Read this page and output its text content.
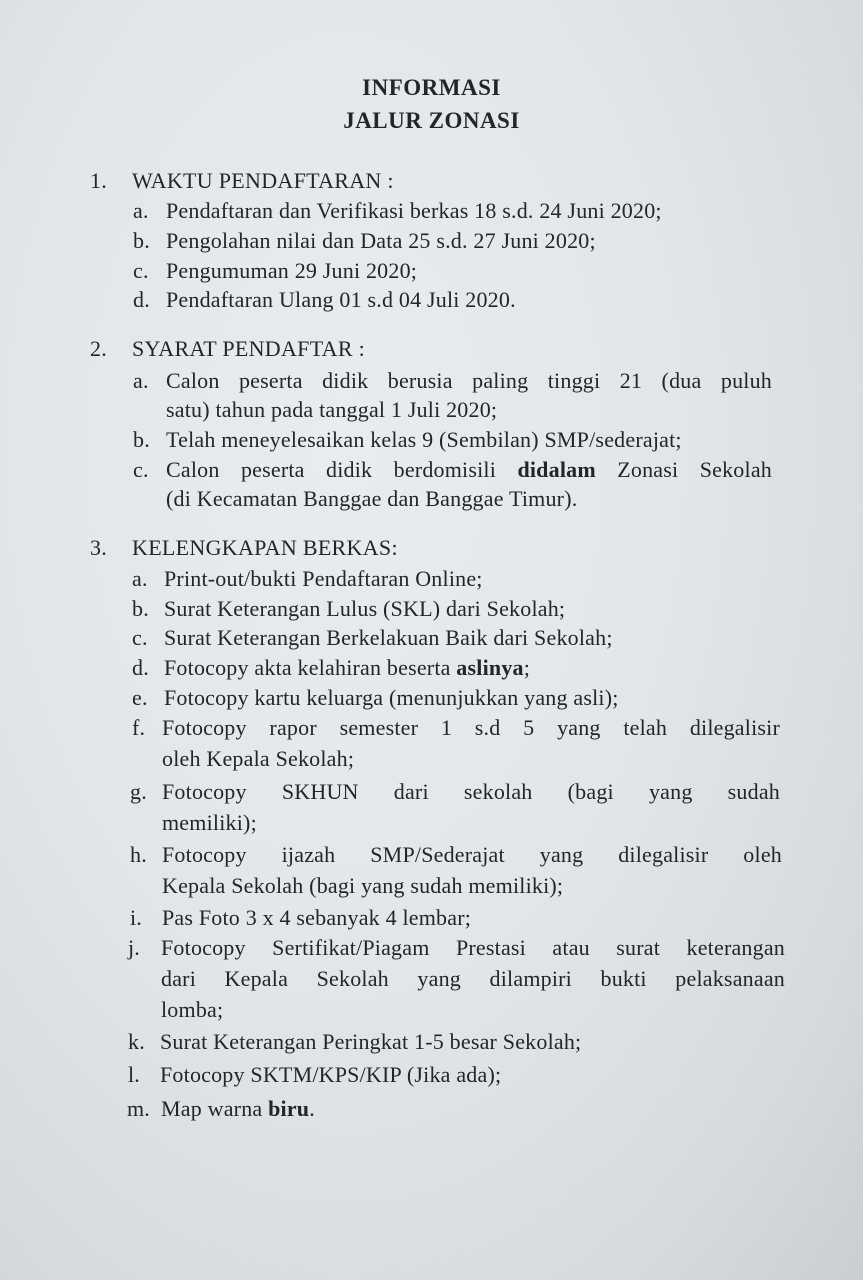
INFORMASI
JALUR ZONASI
1. WAKTU PENDAFTARAN :
a. Pendaftaran dan Verifikasi berkas 18 s.d. 24 Juni 2020;
b. Pengolahan nilai dan Data 25 s.d. 27 Juni 2020;
c. Pengumuman 29 Juni 2020;
d. Pendaftaran Ulang 01 s.d 04 Juli 2020.
2. SYARAT PENDAFTAR :
a. Calon peserta didik berusia paling tinggi 21 (dua puluh
satu) tahun pada tanggal 1 Juli 2020;
b. Telah meneyelesaikan kelas 9 (Sembilan) SMP/sederajat;
c. Calon peserta didik berdomisili didalam Zonasi Sekolah
(di Kecamatan Banggae dan Banggae Timur).
3. KELENGKAPAN BERKAS:
a. Print-out/bukti Pendaftaran Online;
b. Surat Keterangan Lulus (SKL) dari Sekolah;
c. Surat Keterangan Berkelakuan Baik dari Sekolah;
d. Fotocopy akta kelahiran beserta aslinya;
e. Fotocopy kartu keluarga (menunjukkan yang asli);
f. Fotocopy rapor semester 1 s.d 5 yang telah dilegalisir
oleh Kepala Sekolah;
g. Fotocopy SKHUN dari sekolah (bagi yang sudah
memiliki);
h. Fotocopy ijazah SMP/Sederajat yang dilegalisir oleh
Kepala Sekolah (bagi yang sudah memiliki);
i. Pas Foto 3 x 4 sebanyak 4 lembar;
j. Fotocopy Sertifikat/Piagam Prestasi atau surat keterangan
dari Kepala Sekolah yang dilampiri bukti pelaksanaan
lomba;
k. Surat Keterangan Peringkat 1-5 besar Sekolah;
l. Fotocopy SKTM/KPS/KIP (Jika ada);
m. Map warna biru.
